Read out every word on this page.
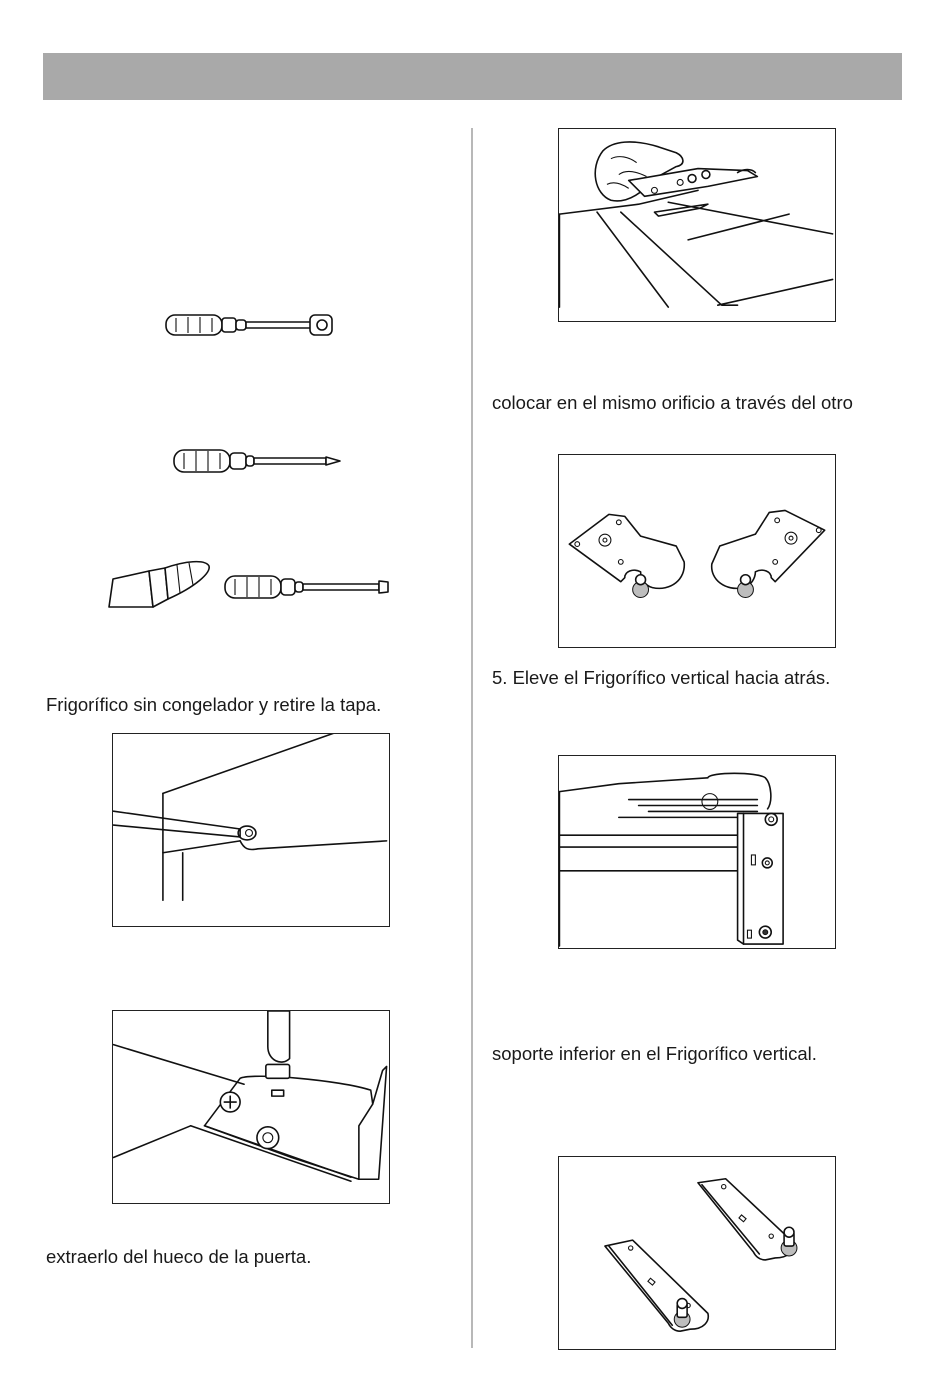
Frigorífico sin congelador y retire la tapa.
extraerlo del hueco de la puerta.
colocar en el mismo orificio a través del otro
5. Eleve el Frigorífico vertical hacia atrás.
soporte inferior en el Frigorífico vertical.
